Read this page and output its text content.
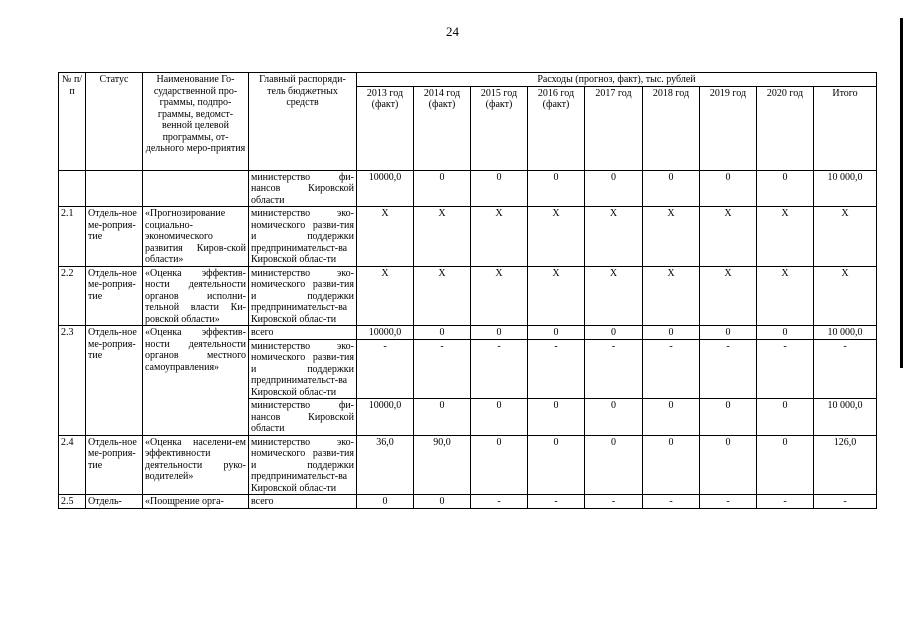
24
№ п/п	Статус	Наименование Го-сударственной про-граммы, подпро-граммы, ведомст-венной целевой программы, от-дельного меро-приятия	Главный распоряди-тель бюджетных средств	Расходы (прогноз, факт), тыс. рублей								
				2013 год (факт)	2014 год (факт)	2015 год (факт)	2016 год (факт)	2017 год	2018 год	2019 год	2020 год	Итого
			министерство фи-нансов Кировской области	10000,0	0	0	0	0	0	0	0	10 000,0
2.1	Отдель-ное ме-роприя-тие	«Прогнозирование социально-экономического развития Киров-ской области»	министерство эко-номического разви-тия и поддержки предпринимательст-ва Кировской облас-ти	Х	Х	Х	Х	Х	Х	Х	Х	Х
2.2	Отдель-ное ме-роприя-тие	«Оценка эффектив-ности деятельности органов исполни-тельной власти Ки-ровской области»	министерство эко-номического разви-тия и поддержки предпринимательст-ва Кировской облас-ти	Х	Х	Х	Х	Х	Х	Х	Х	Х
2.3	Отдель-ное ме-роприя-тие	«Оценка эффектив-ности деятельности органов местного самоуправления»	всего	10000,0	0	0	0	0	0	0	0	10 000,0
			министерство эко-номического разви-тия и поддержки предпринимательст-ва Кировской облас-ти	-	-	-	-	-	-	-	-	-
			министерство фи-нансов Кировской области	10000,0	0	0	0	0	0	0	0	10 000,0
2.4	Отдель-ное ме-роприя-тие	«Оценка населени-ем эффективности деятельности руко-водителей»	министерство эко-номического разви-тия и поддержки предпринимательст-ва Кировской облас-ти	36,0	90,0	0	0	0	0	0	0	126,0
2.5	Отдель-	«Поощрение орга-	всего	0	0	-	-	-	-	-	-	-
